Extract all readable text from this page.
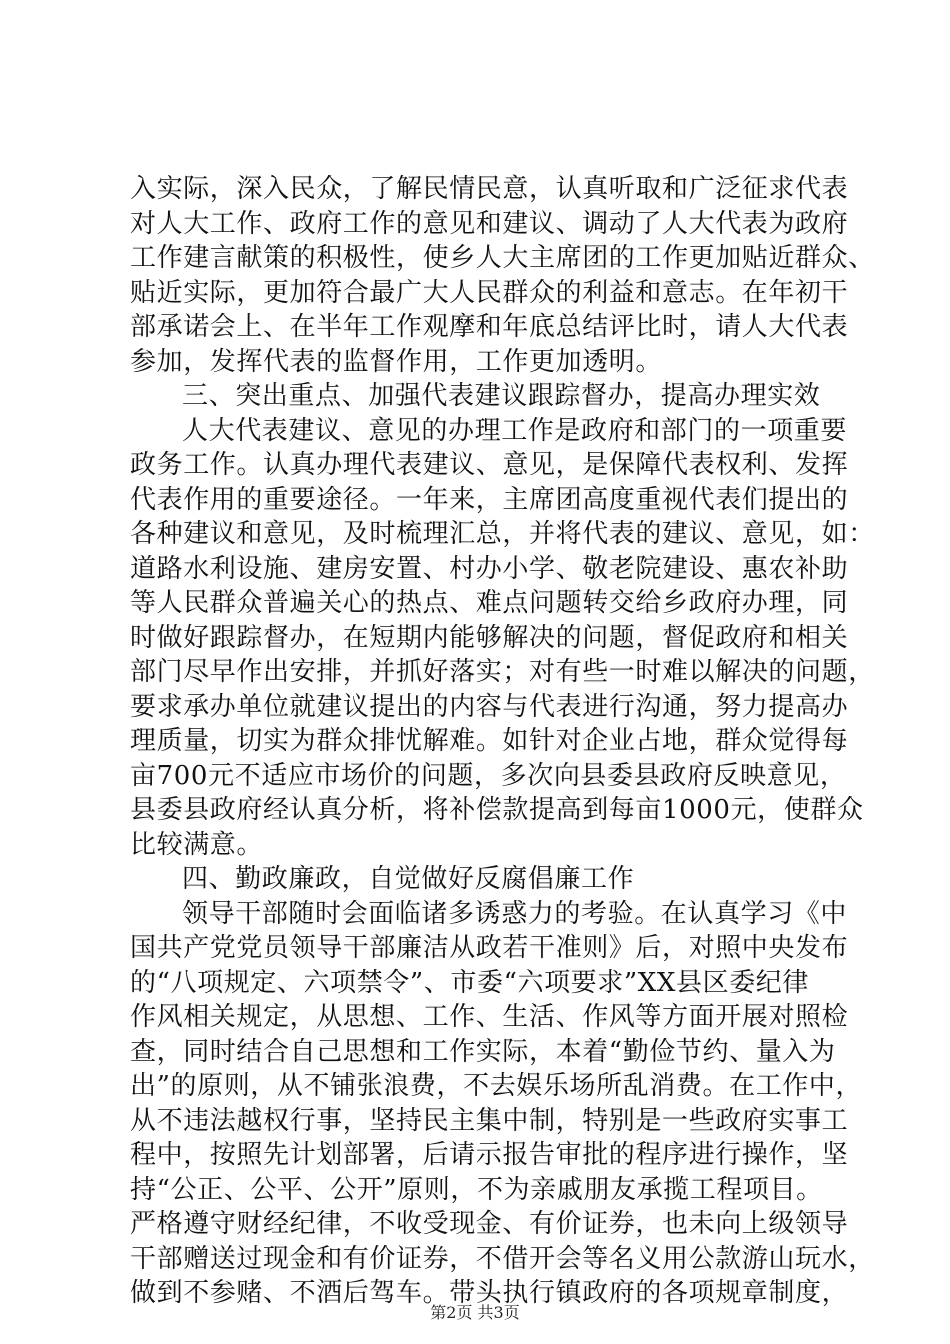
入实际，深入民众，了解民情民意，认真听取和广泛征求代表
对人大工作、政府工作的意见和建议、调动了人大代表为政府
工作建言献策的积极性，使乡人大主席团的工作更加贴近群众、
贴近实际，更加符合最广大人民群众的利益和意志。在年初干
部承诺会上、在半年工作观摩和年底总结评比时，请人大代表
参加，发挥代表的监督作用，工作更加透明。
三、突出重点、加强代表建议跟踪督办，提高办理实效
人大代表建议、意见的办理工作是政府和部门的一项重要
政务工作。认真办理代表建议、意见，是保障代表权利、发挥
代表作用的重要途径。一年来，主席团高度重视代表们提出的
各种建议和意见，及时梳理汇总，并将代表的建议、意见，如：
道路水利设施、建房安置、村办小学、敬老院建设、惠农补助
等人民群众普遍关心的热点、难点问题转交给乡政府办理，同
时做好跟踪督办，在短期内能够解决的问题，督促政府和相关
部门尽早作出安排，并抓好落实；对有些一时难以解决的问题，
要求承办单位就建议提出的内容与代表进行沟通，努力提高办
理质量，切实为群众排忧解难。如针对企业占地，群众觉得每
亩700元不适应市场价的问题，多次向县委县政府反映意见，
县委县政府经认真分析，将补偿款提高到每亩1000元，使群众
比较满意。
四、勤政廉政，自觉做好反腐倡廉工作
领导干部随时会面临诸多诱惑力的考验。在认真学习《中
国共产党党员领导干部廉洁从政若干准则》后，对照中央发布
的“八项规定、六项禁令”、市委“六项要求”XX县区委纪律
作风相关规定，从思想、工作、生活、作风等方面开展对照检
查，同时结合自己思想和工作实际，本着“勤俭节约、量入为
出”的原则，从不铺张浪费，不去娱乐场所乱消费。在工作中，
从不违法越权行事，坚持民主集中制，特别是一些政府实事工
程中，按照先计划部署，后请示报告审批的程序进行操作，坚
持“公正、公平、公开”原则，不为亲戚朋友承揽工程项目。
严格遵守财经纪律，不收受现金、有价证券，也未向上级领导
干部赠送过现金和有价证券，不借开会等名义用公款游山玩水，
做到不参赌、不酒后驾车。带头执行镇政府的各项规章制度，
第2页 共3页
